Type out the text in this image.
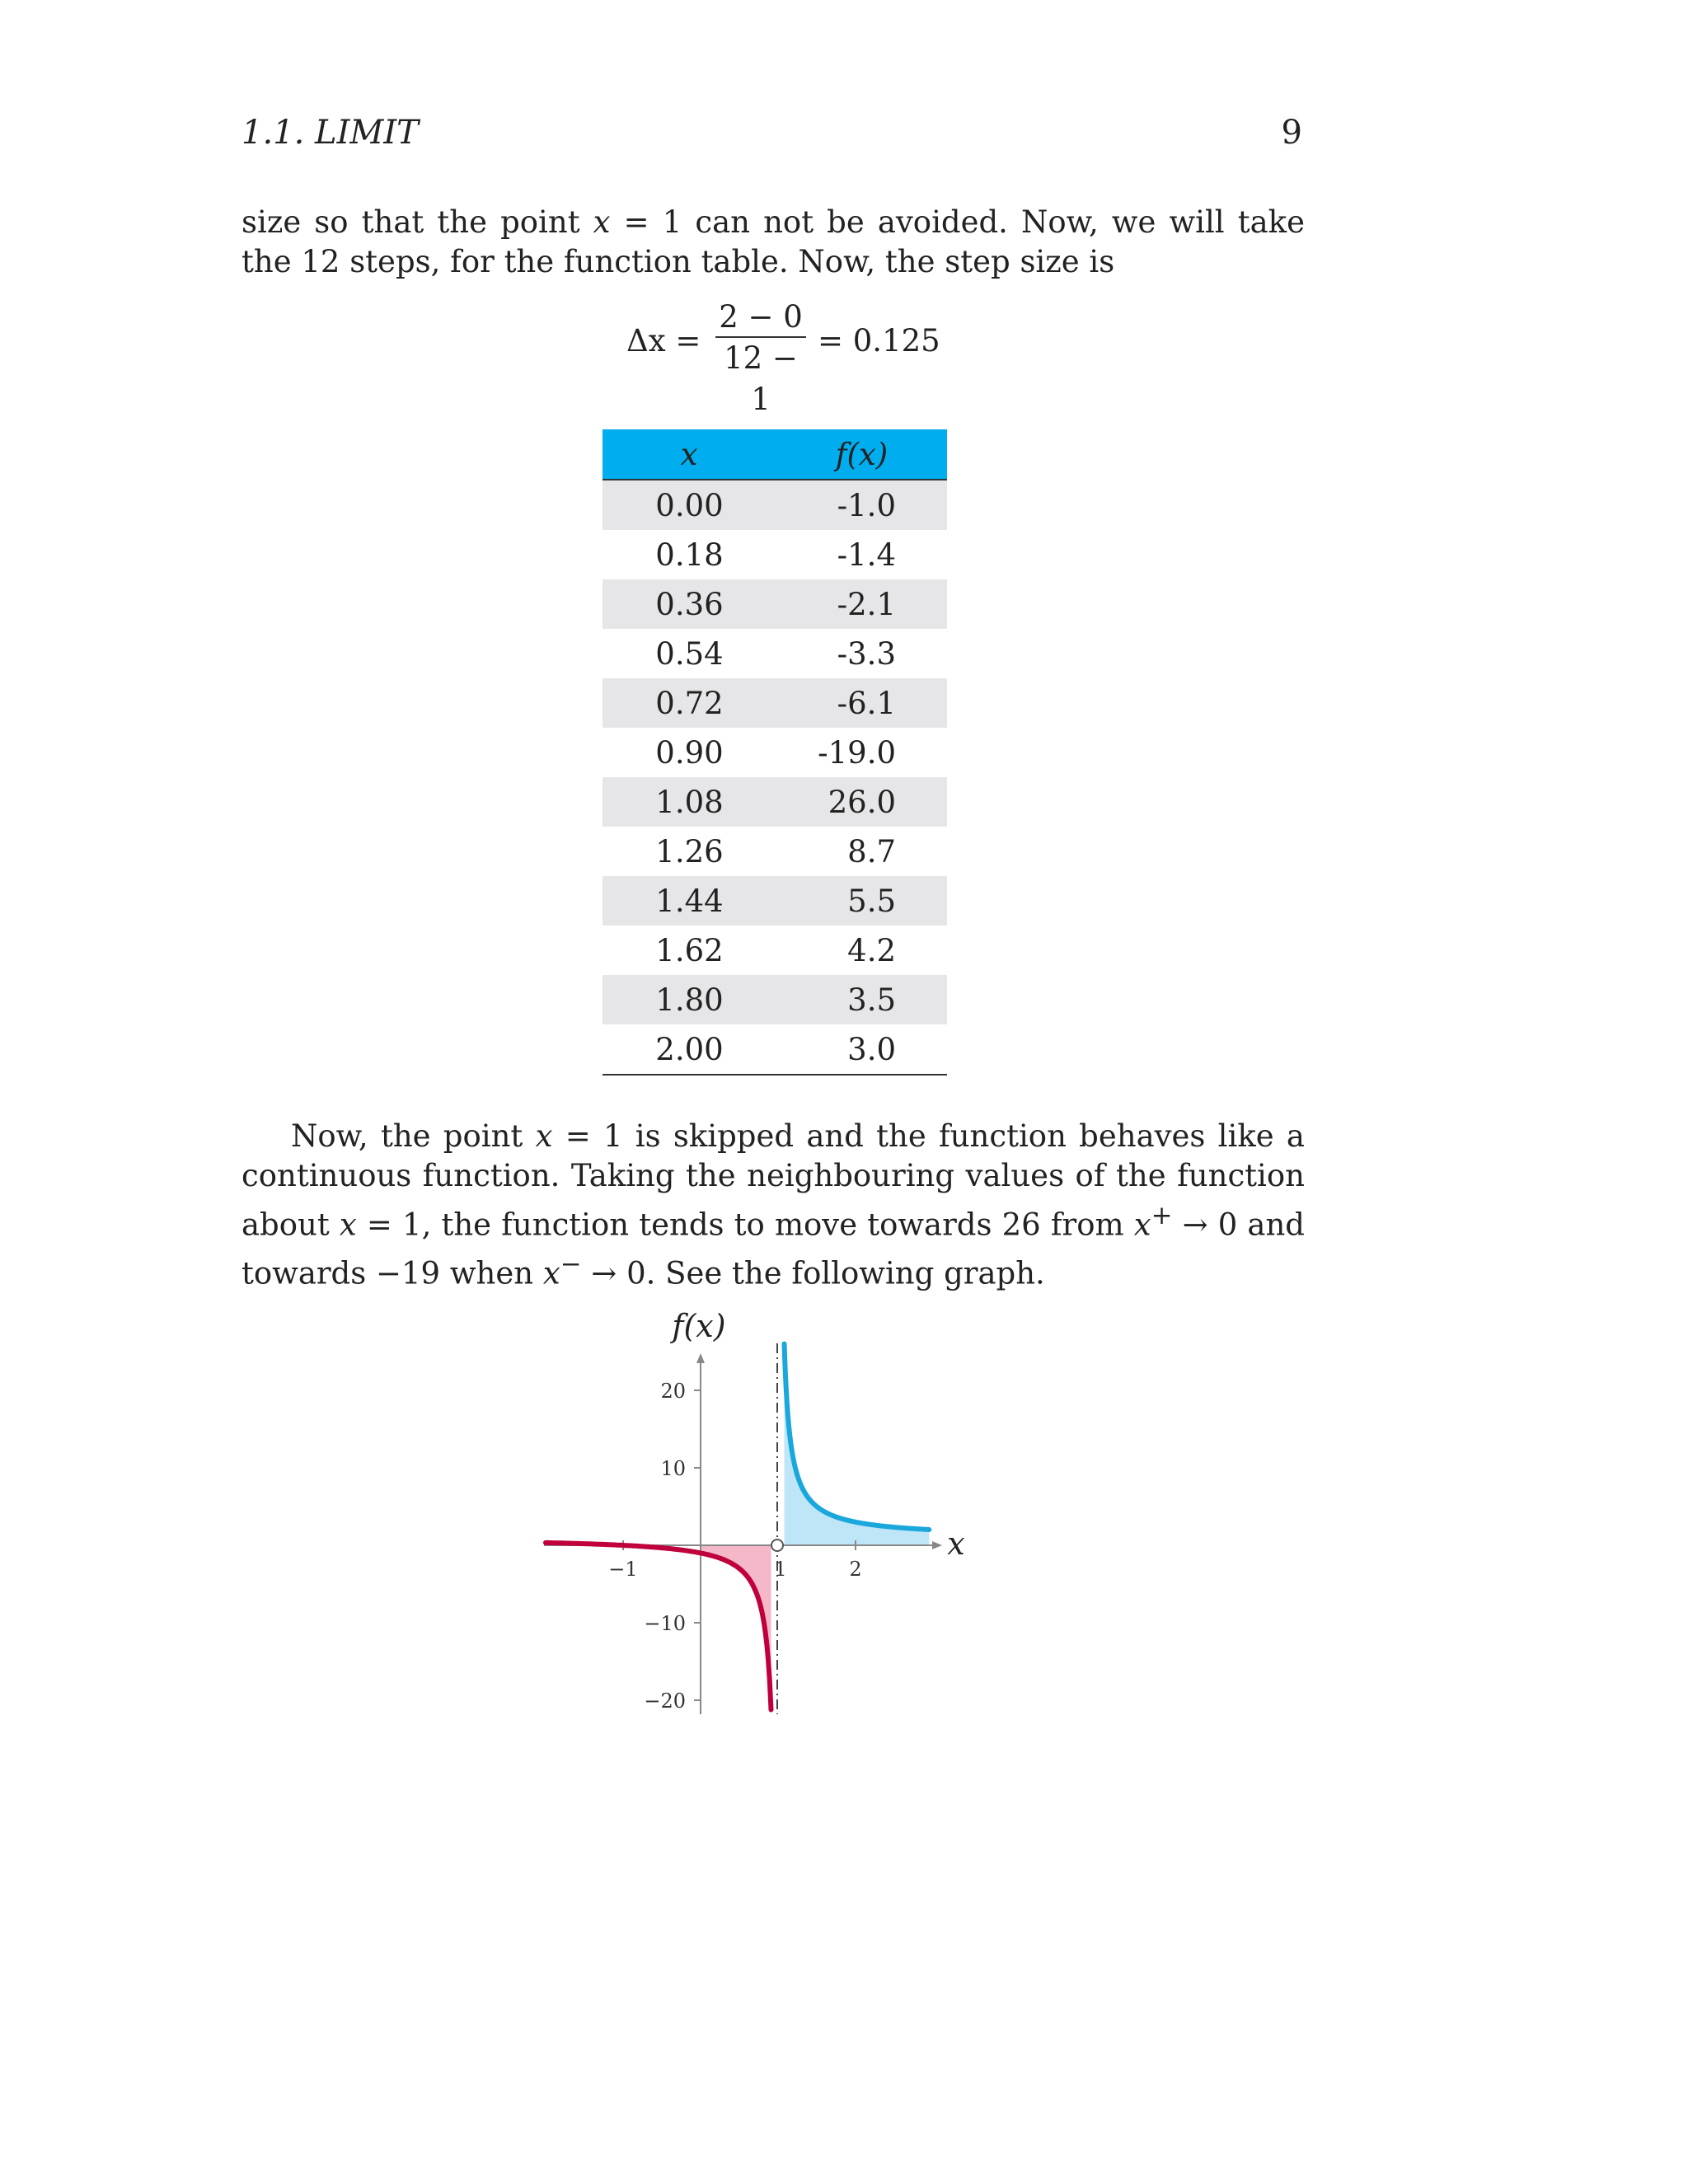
1.1. LIMIT	9

size so that the point x = 1 can not be avoided. Now, we will take the 12 steps, for the function table. Now, the step size is

Δx =
2 − 0
12 − 1
= 0.125
x	f(x)
0.00	-1.0
0.18	-1.4
0.36	-2.1
0.54	-3.3
0.72	-6.1
0.90	-19.0
1.08	26.0
1.26	8.7
1.44	5.5
1.62	4.2
1.80	3.5
2.00	3.0

Now, the point x = 1 is skipped and the function behaves like a continuous function. Taking the neighbouring values of the function about x = 1, the function tends to move towards 26 from x+ → 0 and towards −19 when x− → 0. See the following graph.

20
10
−10
−20
−1	1	2
f(x)
x
